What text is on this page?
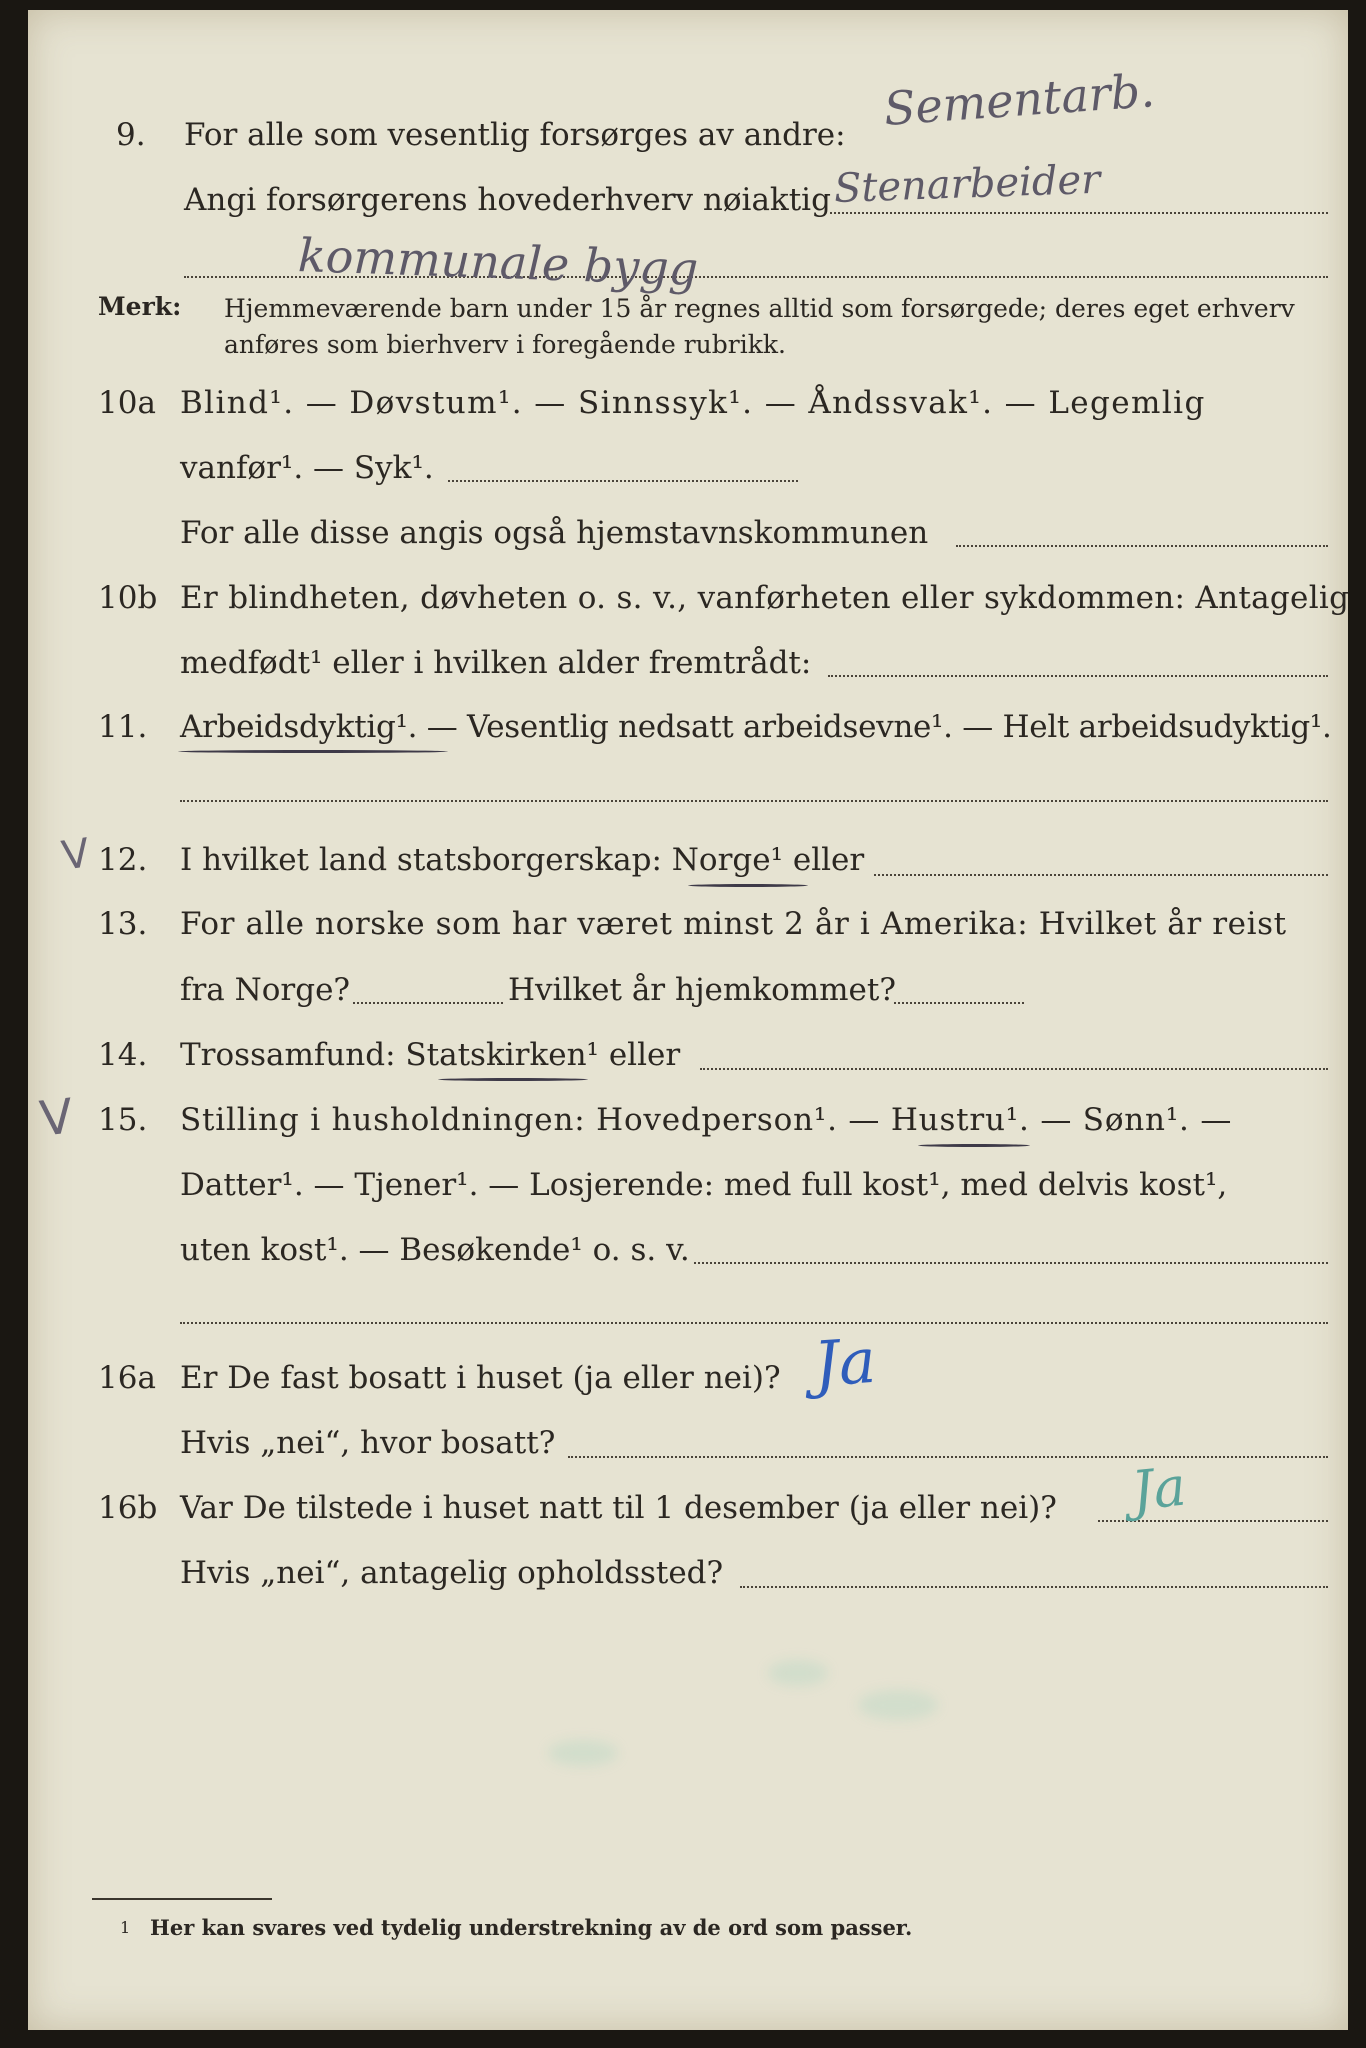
9. For alle som vesentlig forsørges av andre: Sementarb.
Angi forsørgerens hovederhverv nøiaktig Stenarbeider
kommunale bygg
Merk: Hjemmeværende barn under 15 år regnes alltid som forsørgede; deres eget erhverv
anføres som bierhverv i foregående rubrikk.
10a Blind¹. — Døvstum¹. — Sinnssyk¹. — Åndssvak¹. — Legemlig
vanfør¹. — Syk¹.
For alle disse angis også hjemstavnskommunen
10b Er blindheten, døvheten o. s. v., vanførheten eller sykdommen: Antagelig
medfødt¹ eller i hvilken alder fremtrådt:
11. Arbeidsdyktig¹. — Vesentlig nedsatt arbeidsevne¹. — Helt arbeidsudyktig¹.
V 12. I hvilket land statsborgerskap: Norge¹ eller
13. For alle norske som har været minst 2 år i Amerika: Hvilket år reist
fra Norge?	Hvilket år hjemkommet?
14. Trossamfund: Statskirken¹ eller
V 15. Stilling i husholdningen: Hovedperson¹. — Hustru¹. — Sønn¹. —
Datter¹. — Tjener¹. — Losjerende: med full kost¹, med delvis kost¹,
uten kost¹. — Besøkende¹ o. s. v.
16a Er De fast bosatt i huset (ja eller nei)? Ja
Hvis „nei“, hvor bosatt?
16b Var De tilstede i huset natt til 1 desember (ja eller nei)? Ja
Hvis „nei“, antagelig opholdssted?
1 Her kan svares ved tydelig understrekning av de ord som passer.
